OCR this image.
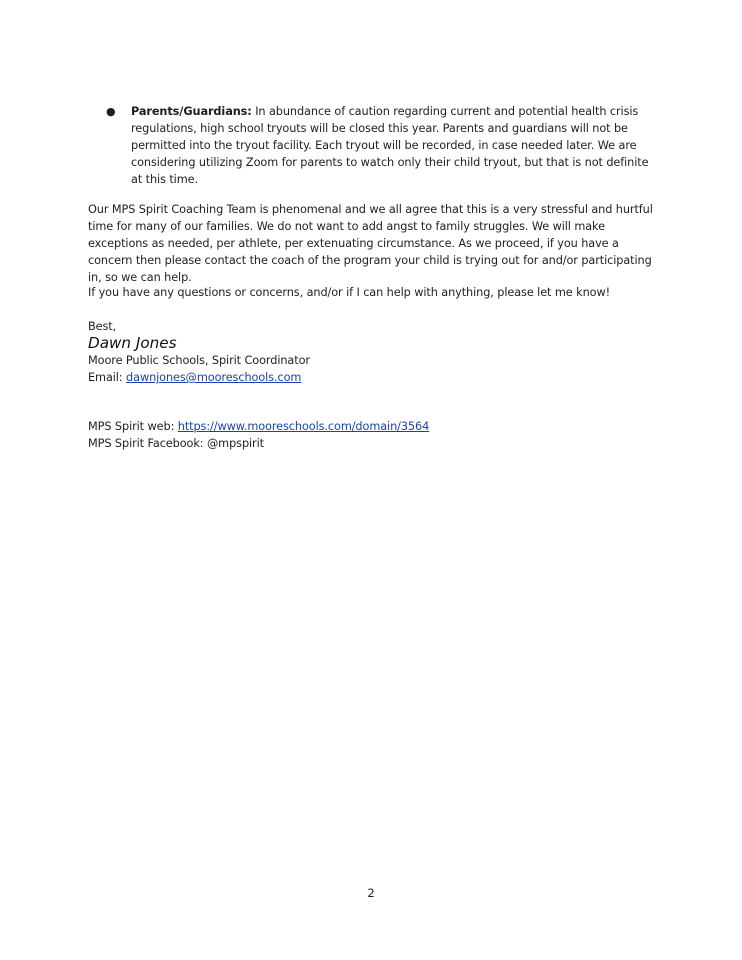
● Parents/Guardians: In abundance of caution regarding current and potential health crisis regulations, high school tryouts will be closed this year. Parents and guardians will not be permitted into the tryout facility. Each tryout will be recorded, in case needed later. We are considering utilizing Zoom for parents to watch only their child tryout, but that is not definite at this time.
Our MPS Spirit Coaching Team is phenomenal and we all agree that this is a very stressful and hurtful time for many of our families. We do not want to add angst to family struggles. We will make exceptions as needed, per athlete, per extenuating circumstance. As we proceed, if you have a concern then please contact the coach of the program your child is trying out for and/or participating in, so we can help.
If you have any questions or concerns, and/or if I can help with anything, please let me know!
Best,
Dawn Jones
Moore Public Schools, Spirit Coordinator
Email: dawnjones@mooreschools.com
MPS Spirit web: https://www.mooreschools.com/domain/3564
MPS Spirit Facebook: @mpspirit
2
